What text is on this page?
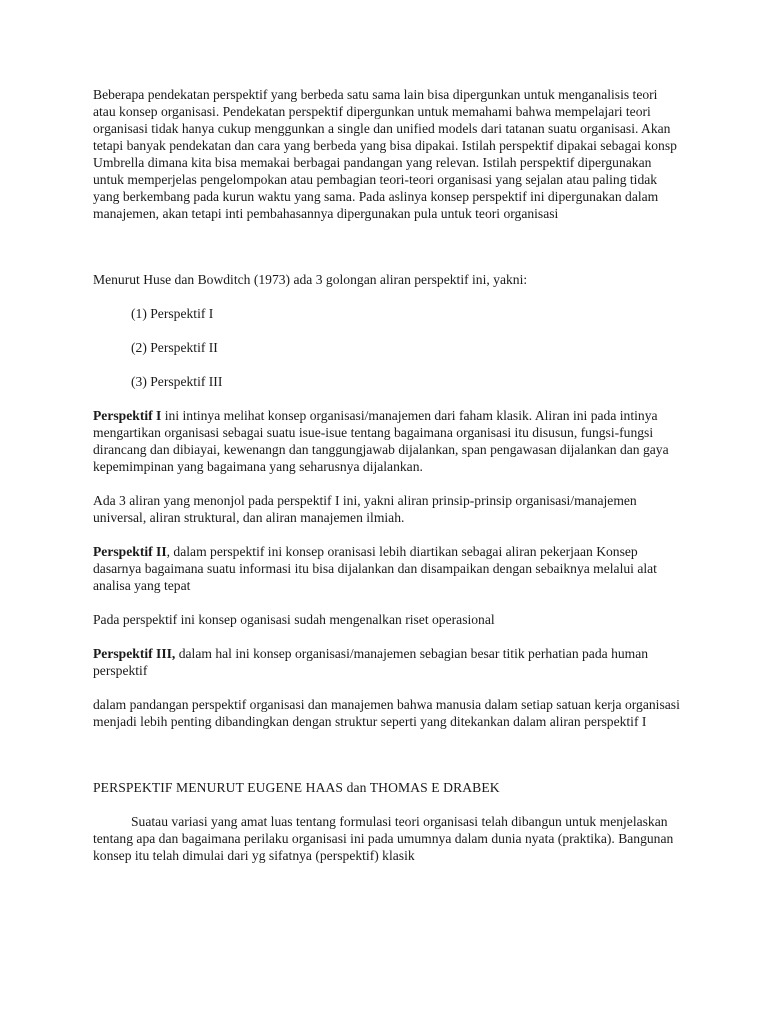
Beberapa pendekatan perspektif yang berbeda satu sama lain bisa dipergunkan untuk menganalisis teori atau konsep organisasi. Pendekatan perspektif dipergunkan untuk memahami bahwa mempelajari teori organisasi tidak hanya cukup menggunkan a single dan unified models dari tatanan suatu organisasi. Akan tetapi banyak pendekatan dan cara yang berbeda yang bisa dipakai. Istilah perspektif dipakai sebagai konsp Umbrella dimana kita bisa memakai berbagai pandangan yang relevan. Istilah perspektif dipergunakan untuk memperjelas pengelompokan atau pembagian teori-teori organisasi yang sejalan atau paling tidak yang berkembang pada kurun waktu yang sama. Pada aslinya konsep perspektif ini dipergunakan dalam manajemen, akan tetapi inti pembahasannya dipergunakan pula untuk teori organisasi

Menurut Huse dan Bowditch (1973) ada 3 golongan aliran perspektif ini, yakni:

(1) Perspektif I

(2) Perspektif II

(3) Perspektif III

Perspektif I ini intinya melihat konsep organisasi/manajemen dari faham klasik. Aliran ini pada intinya mengartikan organisasi sebagai suatu isue-isue tentang bagaimana organisasi itu disusun, fungsi-fungsi dirancang dan dibiayai, kewenangn dan tanggungjawab dijalankan, span pengawasan dijalankan dan gaya kepemimpinan yang bagaimana yang seharusnya dijalankan.

Ada 3 aliran yang menonjol pada perspektif I ini, yakni aliran prinsip-prinsip organisasi/manajemen universal, aliran struktural, dan aliran manajemen ilmiah.

Perspektif II, dalam perspektif ini konsep oranisasi lebih diartikan sebagai aliran pekerjaan Konsep dasarnya bagaimana suatu informasi itu bisa dijalankan dan disampaikan dengan sebaiknya melalui alat analisa yang tepat

Pada perspektif ini konsep oganisasi sudah mengenalkan riset operasional

Perspektif III, dalam hal ini konsep organisasi/manajemen sebagian besar titik perhatian pada human perspektif

dalam pandangan perspektif organisasi dan manajemen bahwa manusia dalam setiap satuan kerja organisasi menjadi lebih penting dibandingkan dengan struktur seperti yang ditekankan dalam aliran perspektif I

PERSPEKTIF MENURUT EUGENE HAAS dan THOMAS E DRABEK

Suatau variasi yang amat luas tentang formulasi teori organisasi telah dibangun untuk menjelaskan tentang apa dan bagaimana perilaku organisasi ini pada umumnya dalam dunia nyata (praktika). Bangunan konsep itu telah dimulai dari yg sifatnya (perspektif) klasik
